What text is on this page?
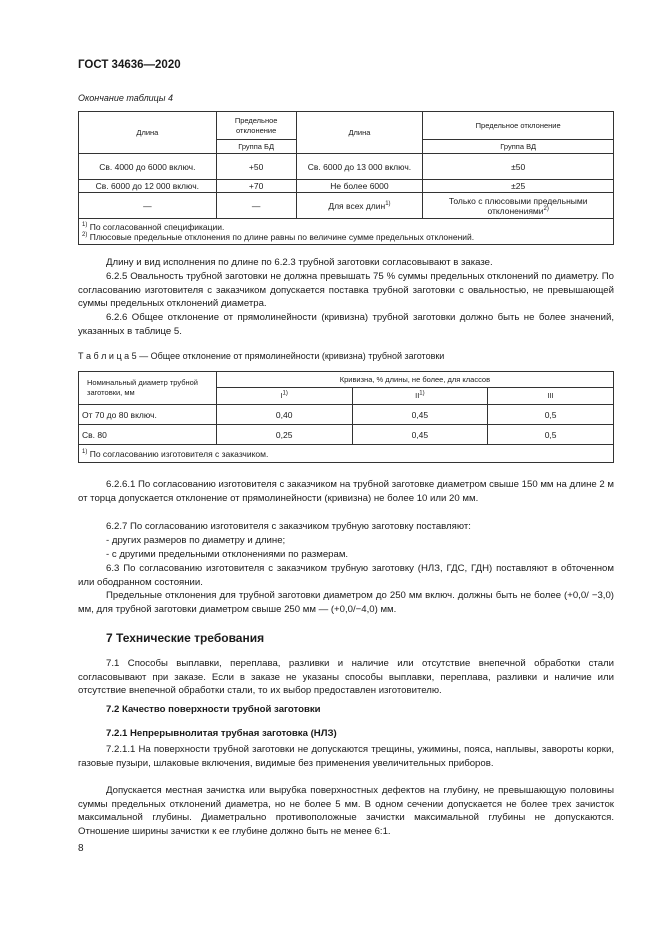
ГОСТ 34636—2020
Окончание таблицы 4
Длина	Предельное отклонение	Длина	Предельное отклонение
	Группа БД		Группа ВД
Св. 4000 до 6000 включ.	+50	Св. 6000 до 13 000 включ.	±50
Св. 6000 до 12 000 включ.	+70	Не более 6000	±25
—	—	Для всех длин$^{1)}$	Только с плюсовыми предельными отклонениями$^{2)}$

$^{1)}$ По согласованной спецификации.
$^{2)}$ Плюсовые предельные отклонения по длине равны по величине сумме предельных отклонений.			
Длину и вид исполнения по длине по 6.2.3 трубной заготовки согласовывают в заказе.
6.2.5 Овальность трубной заготовки не должна превышать 75 % суммы предельных отклонений по диаметру. По согласованию изготовителя с заказчиком допускается поставка трубной заготовки с овальностью, не превышающей суммы предельных отклонений диаметра.
6.2.6 Общее отклонение от прямолинейности (кривизна) трубной заготовки должно быть не более значений, указанных в таблице 5.
Т а б л и ц а 5 — Общее отклонение от прямолинейности (кривизна) трубной заготовки
Номинальный диаметр трубной заготовки, мм	Кривизна, % длины, не более, для классов		
	$I^{1)}$	II$^{1)}$	III
От 70 до 80 включ.	0,40	0,45	0,5
Св. 80	0,25	0,45	0,5
$^{1)}$ По согласованию изготовителя с заказчиком.			
6.2.6.1 По согласованию изготовителя с заказчиком на трубной заготовке диаметром свыше 150 мм на длине 2 м от торца допускается отклонение от прямолинейности (кривизна) не более 10 или 20 мм.
6.2.7 По согласованию изготовителя с заказчиком трубную заготовку поставляют:
- других размеров по диаметру и длине;
- с другими предельными отклонениями по размерам.
6.3 По согласованию изготовителя с заказчиком трубную заготовку (НЛЗ, ГДС, ГДН) поставляют в обточенном или ободранном состоянии.
Предельные отклонения для трубной заготовки диаметром до 250 мм включ. должны быть не более (+0,0/ −3,0) мм, для трубной заготовки диаметром свыше 250 мм — (+0,0/−4,0) мм.
7 Технические требования
7.1 Способы выплавки, переплава, разливки и наличие или отсутствие внепечной обработки стали согласовывают при заказе. Если в заказе не указаны способы выплавки, переплава, разливки и наличие или отсутствие внепечной обработки стали, то их выбор предоставлен изготовителю.
7.2 Качество поверхности трубной заготовки
7.2.1 Непрерывнолитая трубная заготовка (НЛЗ)
7.2.1.1 На поверхности трубной заготовки не допускаются трещины, ужимины, пояса, наплывы, завороты корки, газовые пузыри, шлаковые включения, видимые без применения увеличительных приборов.
Допускается местная зачистка или вырубка поверхностных дефектов на глубину, не превышающую половины суммы предельных отклонений диаметра, но не более 5 мм. В одном сечении допускается не более трех зачисток максимальной глубины. Диаметрально противоположные зачистки максимальной глубины не допускаются. Отношение ширины зачистки к ее глубине должно быть не менее 6:1.
8
